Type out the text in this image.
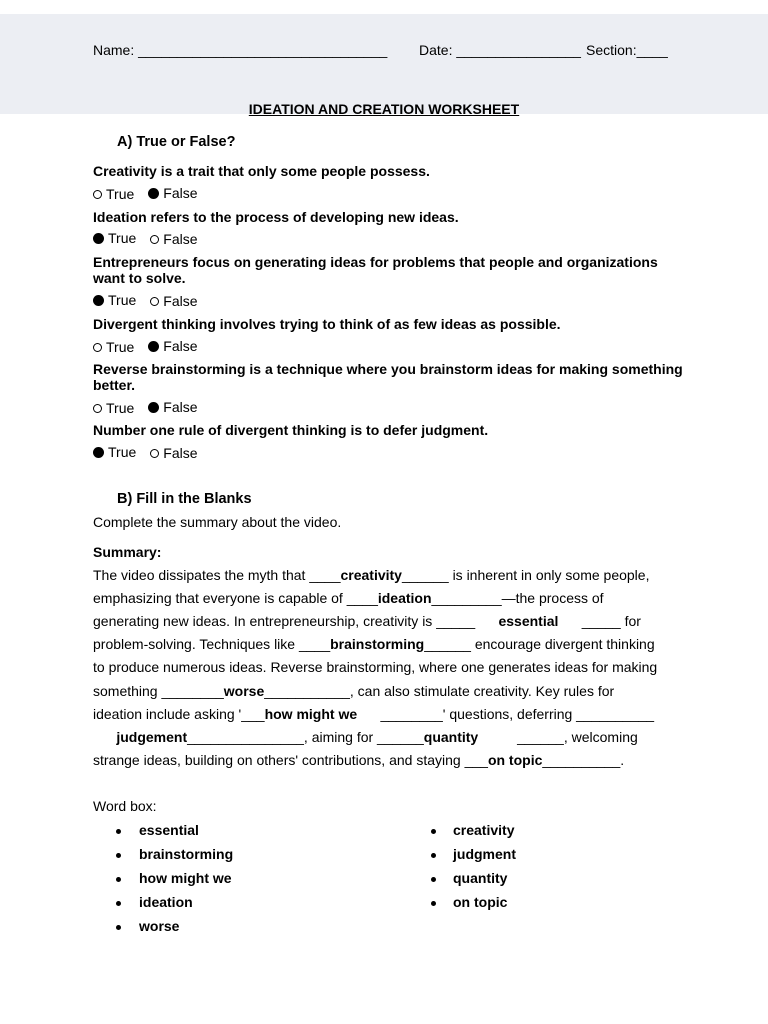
Name: ________________________________ Date: ________________ Section:____
IDEATION AND CREATION WORKSHEET
A) True or False?
Creativity is a trait that only some people possess.
True False
Ideation refers to the process of developing new ideas.
True False
Entrepreneurs focus on generating ideas for problems that people and organizations want to solve.
True False
Divergent thinking involves trying to think of as few ideas as possible.
True False
Reverse brainstorming is a technique where you brainstorm ideas for making something better.
True False
Number one rule of divergent thinking is to defer judgment.
True False
B) Fill in the Blanks
Complete the summary about the video.
Summary:
The video dissipates the myth that ____creativity______ is inherent in only some people,
emphasizing that everyone is capable of ____ideation_________—the process of
generating new ideas. In entrepreneurship, creativity is _____      essential      _____ for
problem-solving. Techniques like ____brainstorming______ encourage divergent thinking
to produce numerous ideas. Reverse brainstorming, where one generates ideas for making
something ________worse___________, can also stimulate creativity. Key rules for
ideation include asking '___how might we      ________' questions, deferring __________
judgement_______________, aiming for ______quantity          ______, welcoming
strange ideas, building on others' contributions, and staying ___on topic__________.
Word box:
essential
brainstorming
how might we
ideation
worse
creativity
judgment
quantity
on topic
